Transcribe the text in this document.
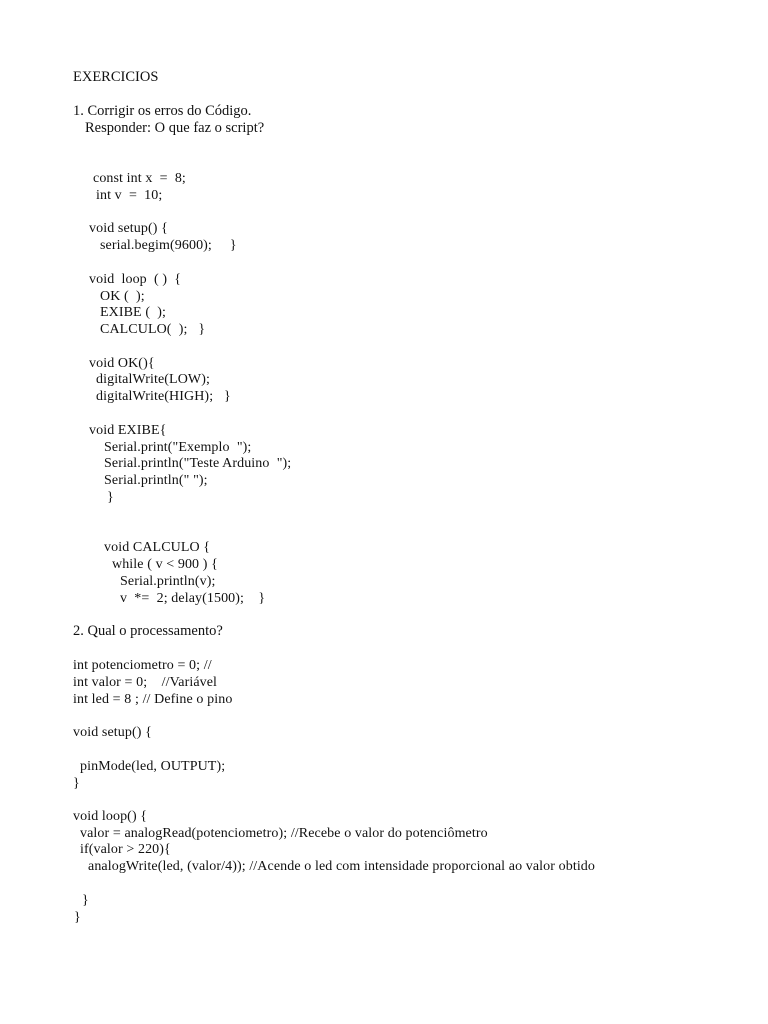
EXERCICIOS
1. Corrigir os erros do Código.
Responder: O que faz o script?
const int x  =  8;
int v  =  10;
void setup() {
serial.begim(9600);     }
void  loop  ( )  {
OK (  );
EXIBE (  );
CALCULO(  );   }
void OK(){
digitalWrite(LOW);
digitalWrite(HIGH);   }
void EXIBE{
Serial.print("Exemplo  ");
Serial.println("Teste Arduino  ");
Serial.println(" ");
}
void CALCULO {
while ( v < 900 ) {
Serial.println(v);
v  *=  2; delay(1500);    }
2. Qual o processamento?
int potenciometro = 0; //
int valor = 0;    //Variável
int led = 8 ; // Define o pino
void setup() {
pinMode(led, OUTPUT);
}
void loop() {
valor = analogRead(potenciometro); //Recebe o valor do potenciômetro
if(valor > 220){
analogWrite(led, (valor/4)); //Acende o led com intensidade proporcional ao valor obtido
}
}
